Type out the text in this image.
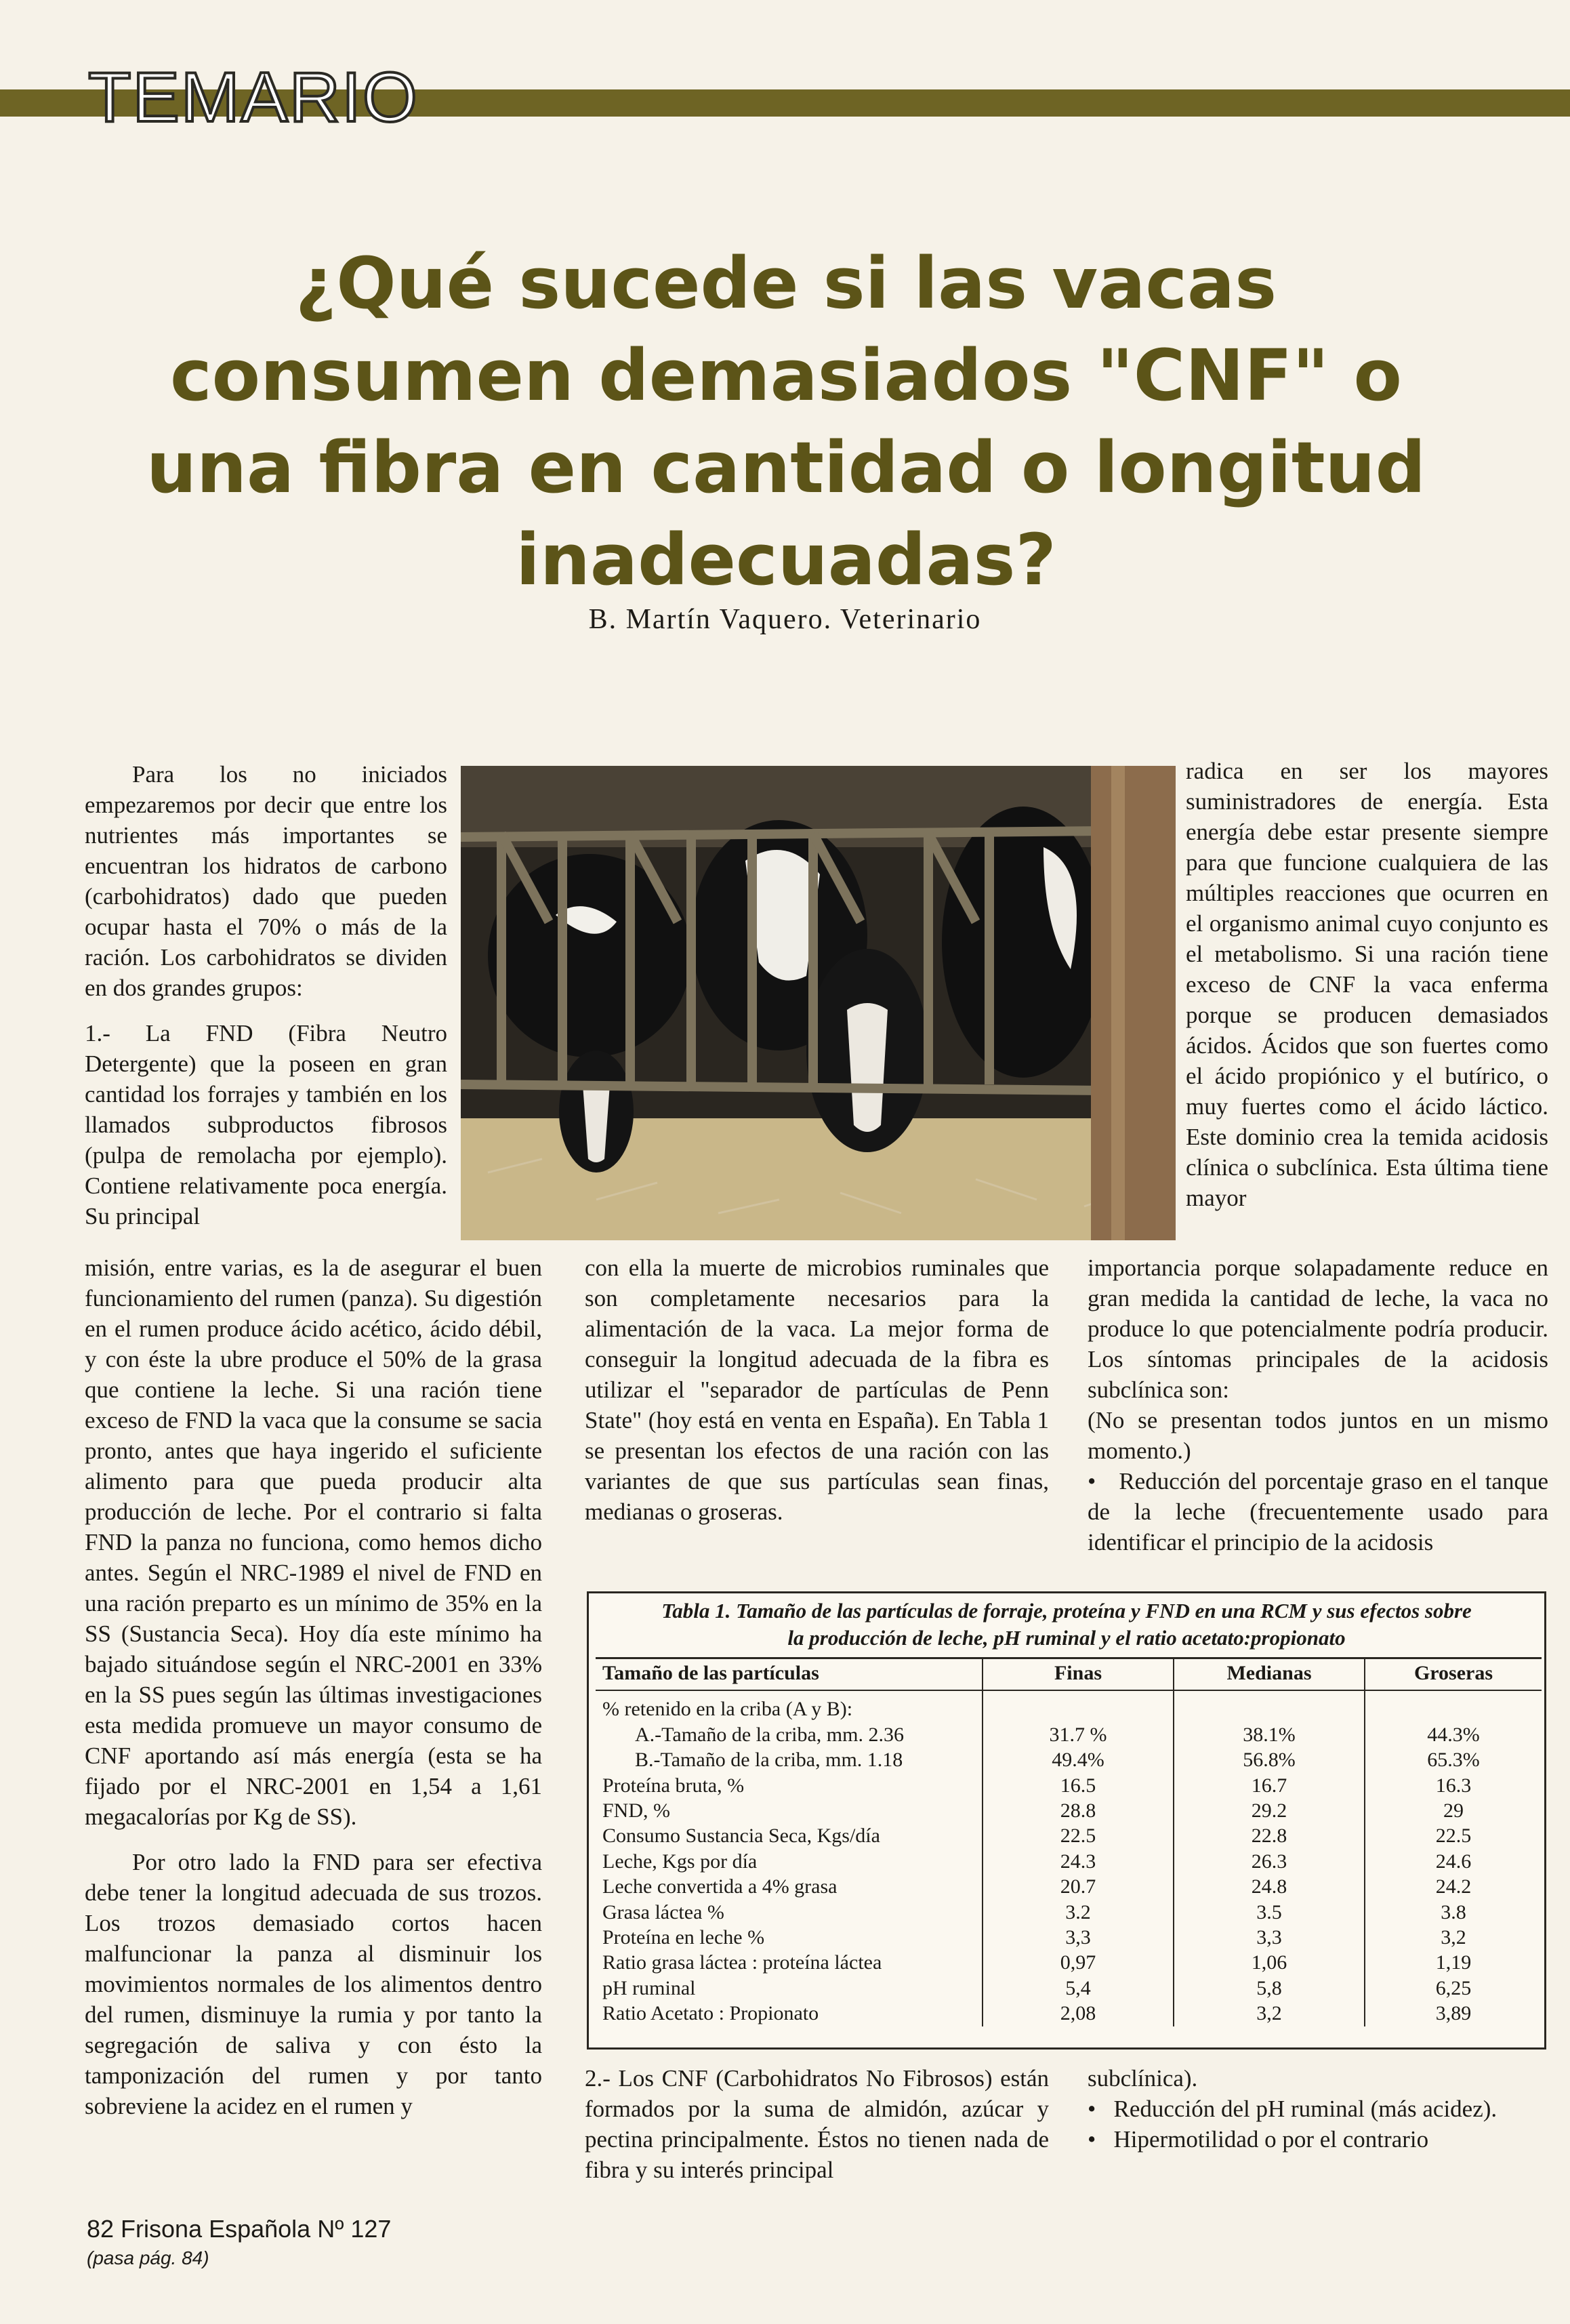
TEMARIO
¿Qué sucede si las vacas consumen demasiados "CNF" o una fibra en cantidad o longitud inadecuadas?
B. Martín Vaquero. Veterinario

Para los no iniciados empezaremos por decir que entre los nutrientes más importantes se encuentran los hidratos de carbono (carbohidratos) dado que pueden ocupar hasta el 70% o más de la ración. Los carbohidratos se dividen en dos grandes grupos:

1.- La FND (Fibra Neutro Detergente) que la poseen en gran cantidad los forrajes y también en los llamados subproductos fibrosos (pulpa de remolacha por ejemplo). Contiene relativamente poca energía. Su principal

misión, entre varias, es la de asegurar el buen funcionamiento del rumen (panza). Su digestión en el rumen produce ácido acético, ácido débil, y con éste la ubre produce el 50% de la grasa que contiene la leche. Si una ración tiene exceso de FND la vaca que la consume se sacia pronto, antes que haya ingerido el suficiente alimento para que pueda producir alta producción de leche. Por el contrario si falta FND la panza no funciona, como hemos dicho antes. Según el NRC-1989 el nivel de FND en una ración preparto es un mínimo de 35% en la SS (Sustancia Seca). Hoy día este mínimo ha bajado situándose según el NRC-2001 en 33% en la SS pues según las últimas investigaciones esta medida promueve un mayor consumo de CNF aportando así más energía (esta se ha fijado por el NRC-2001 en 1,54 a 1,61 megacalorías por Kg de SS).

Por otro lado la FND para ser efectiva debe tener la longitud adecuada de sus trozos. Los trozos demasiado cortos hacen malfuncionar la panza al disminuir los movimientos normales de los alimentos dentro del rumen, disminuye la rumia y por tanto la segregación de saliva y con ésto la tamponización del rumen y por tanto sobreviene la acidez en el rumen y

con ella la muerte de microbios ruminales que son completamente necesarios para la alimentación de la vaca. La mejor forma de conseguir la longitud adecuada de la fibra es utilizar el "separador de partículas de Penn State" (hoy está en venta en España). En Tabla 1 se presentan los efectos de una ración con las variantes de que sus partículas sean finas, medianas o groseras.

radica en ser los mayores suministradores de energía. Esta energía debe estar presente siempre para que funcione cualquiera de las múltiples reacciones que ocurren en el organismo animal cuyo conjunto es el metabolismo. Si una ración tiene exceso de CNF la vaca enferma porque se producen demasiados ácidos. Ácidos que son fuertes como el ácido propiónico y el butírico, o muy fuertes como el ácido láctico. Este dominio crea la temida acidosis clínica o subclínica. Esta última tiene mayor

importancia porque solapadamente reduce en gran medida la cantidad de leche, la vaca no produce lo que potencialmente podría producir. Los síntomas principales de la acidosis subclínica son:

(No se presentan todos juntos en un mismo momento.)

•   Reducción del porcentaje graso en el tanque de la leche (frecuentemente usado para identificar el principio de la acidosis

Tabla 1. Tamaño de las partículas de forraje, proteína y FND en una RCM y sus efectos sobre
la producción de leche, pH ruminal y el ratio acetato:propionato
Tamaño de las partículas	Finas	Medianas	Groseras
% retenido en la criba (A y B):			
A.-Tamaño de la criba, mm. 2.36	31.7 %	38.1%	44.3%
B.-Tamaño de la criba, mm. 1.18	49.4%	56.8%	65.3%
Proteína bruta, %	16.5	16.7	16.3
FND, %	28.8	29.2	29
Consumo Sustancia Seca, Kgs/día	22.5	22.8	22.5
Leche, Kgs por día	24.3	26.3	24.6
Leche convertida a 4% grasa	20.7	24.8	24.2
Grasa láctea %	3.2	3.5	3.8
Proteína en leche %	3,3	3,3	3,2
Ratio grasa láctea : proteína láctea	0,97	1,06	1,19
pH ruminal	5,4	5,8	6,25
Ratio Acetato : Propionato	2,08	3,2	3,89

2.- Los CNF (Carbohidratos No Fibrosos) están formados por la suma de almidón, azúcar y pectina principalmente. Éstos no tienen nada de fibra y su interés principal

subclínica).

•   Reducción del pH ruminal (más acidez).

•   Hipermotilidad o por el contrario

82 Frisona Española Nº 127
(pasa pág. 84)
